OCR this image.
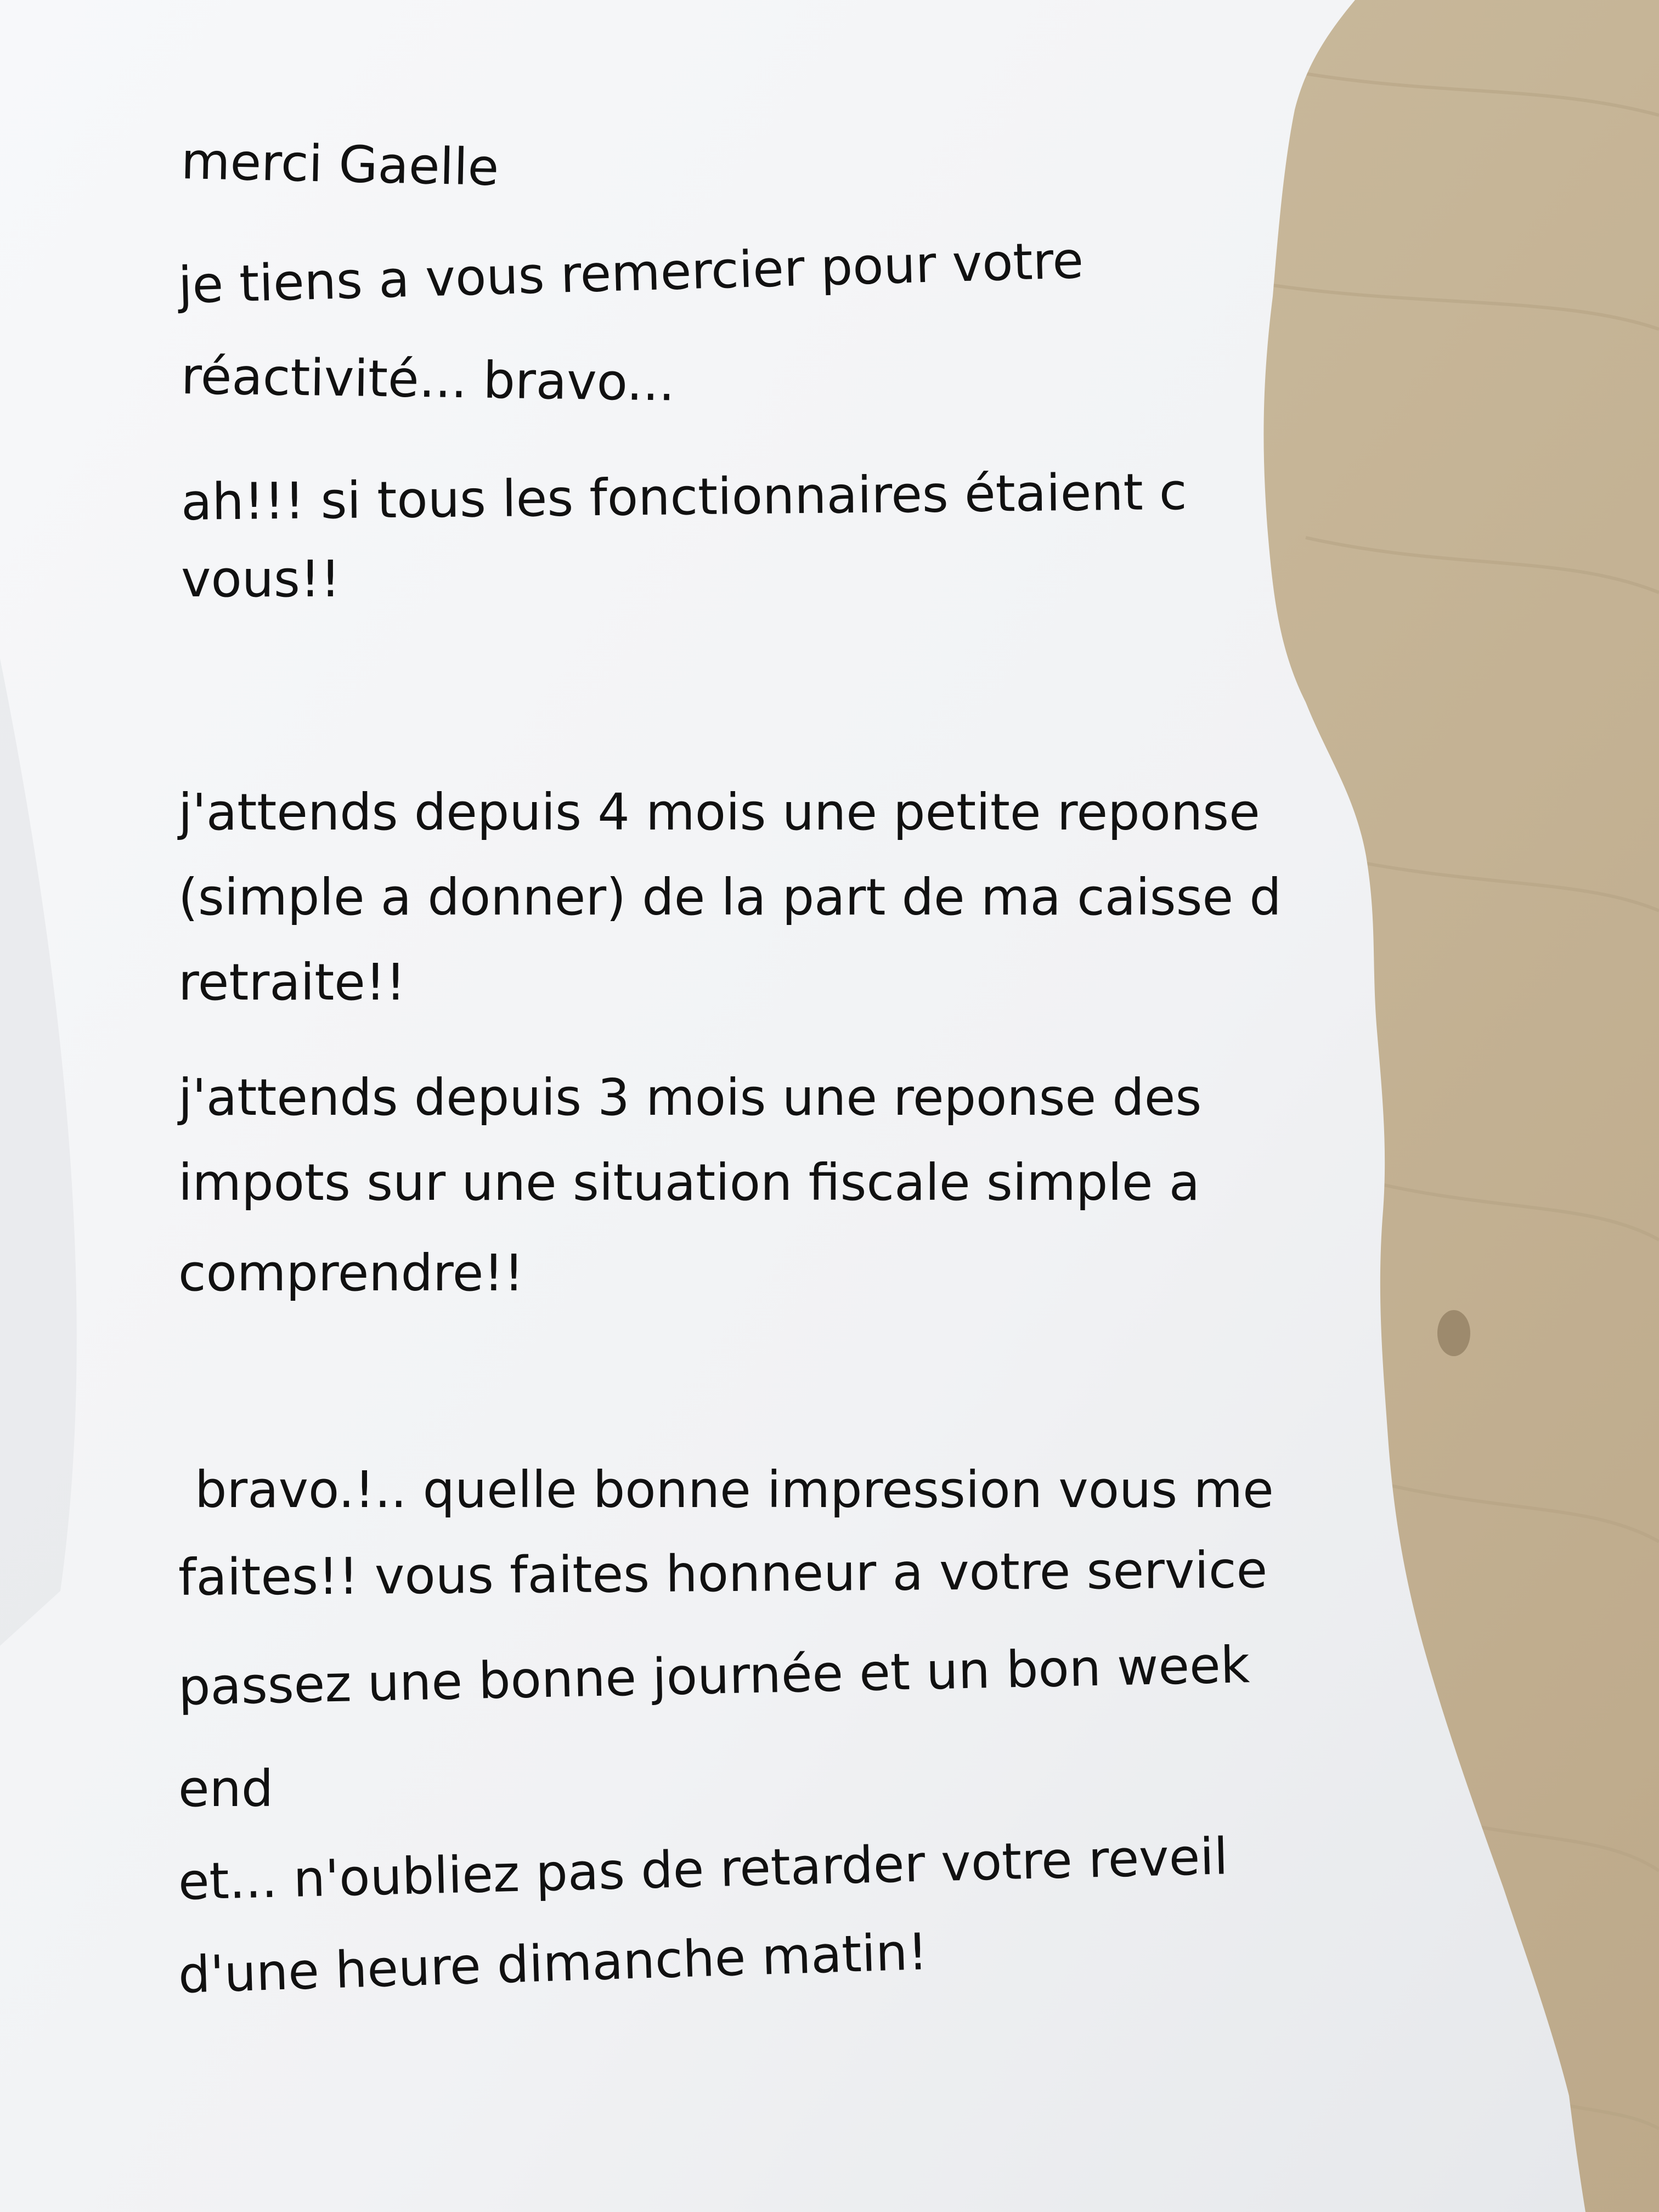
merci Gaelle

je tiens a vous remercier pour votre

réactivité... bravo...

ah!!! si tous les fonctionnaires étaient c

vous!!

j'attends depuis 4 mois une petite reponse

(simple a donner) de la part de ma caisse d

retraite!!

j'attends depuis 3 mois une reponse des

impots sur une situation fiscale simple a

comprendre!!

bravo.!.. quelle bonne impression vous me

faites!! vous faites honneur a votre service

passez une bonne journée et un bon week

end

et... n'oubliez pas de retarder votre reveil

d'une heure dimanche matin!
